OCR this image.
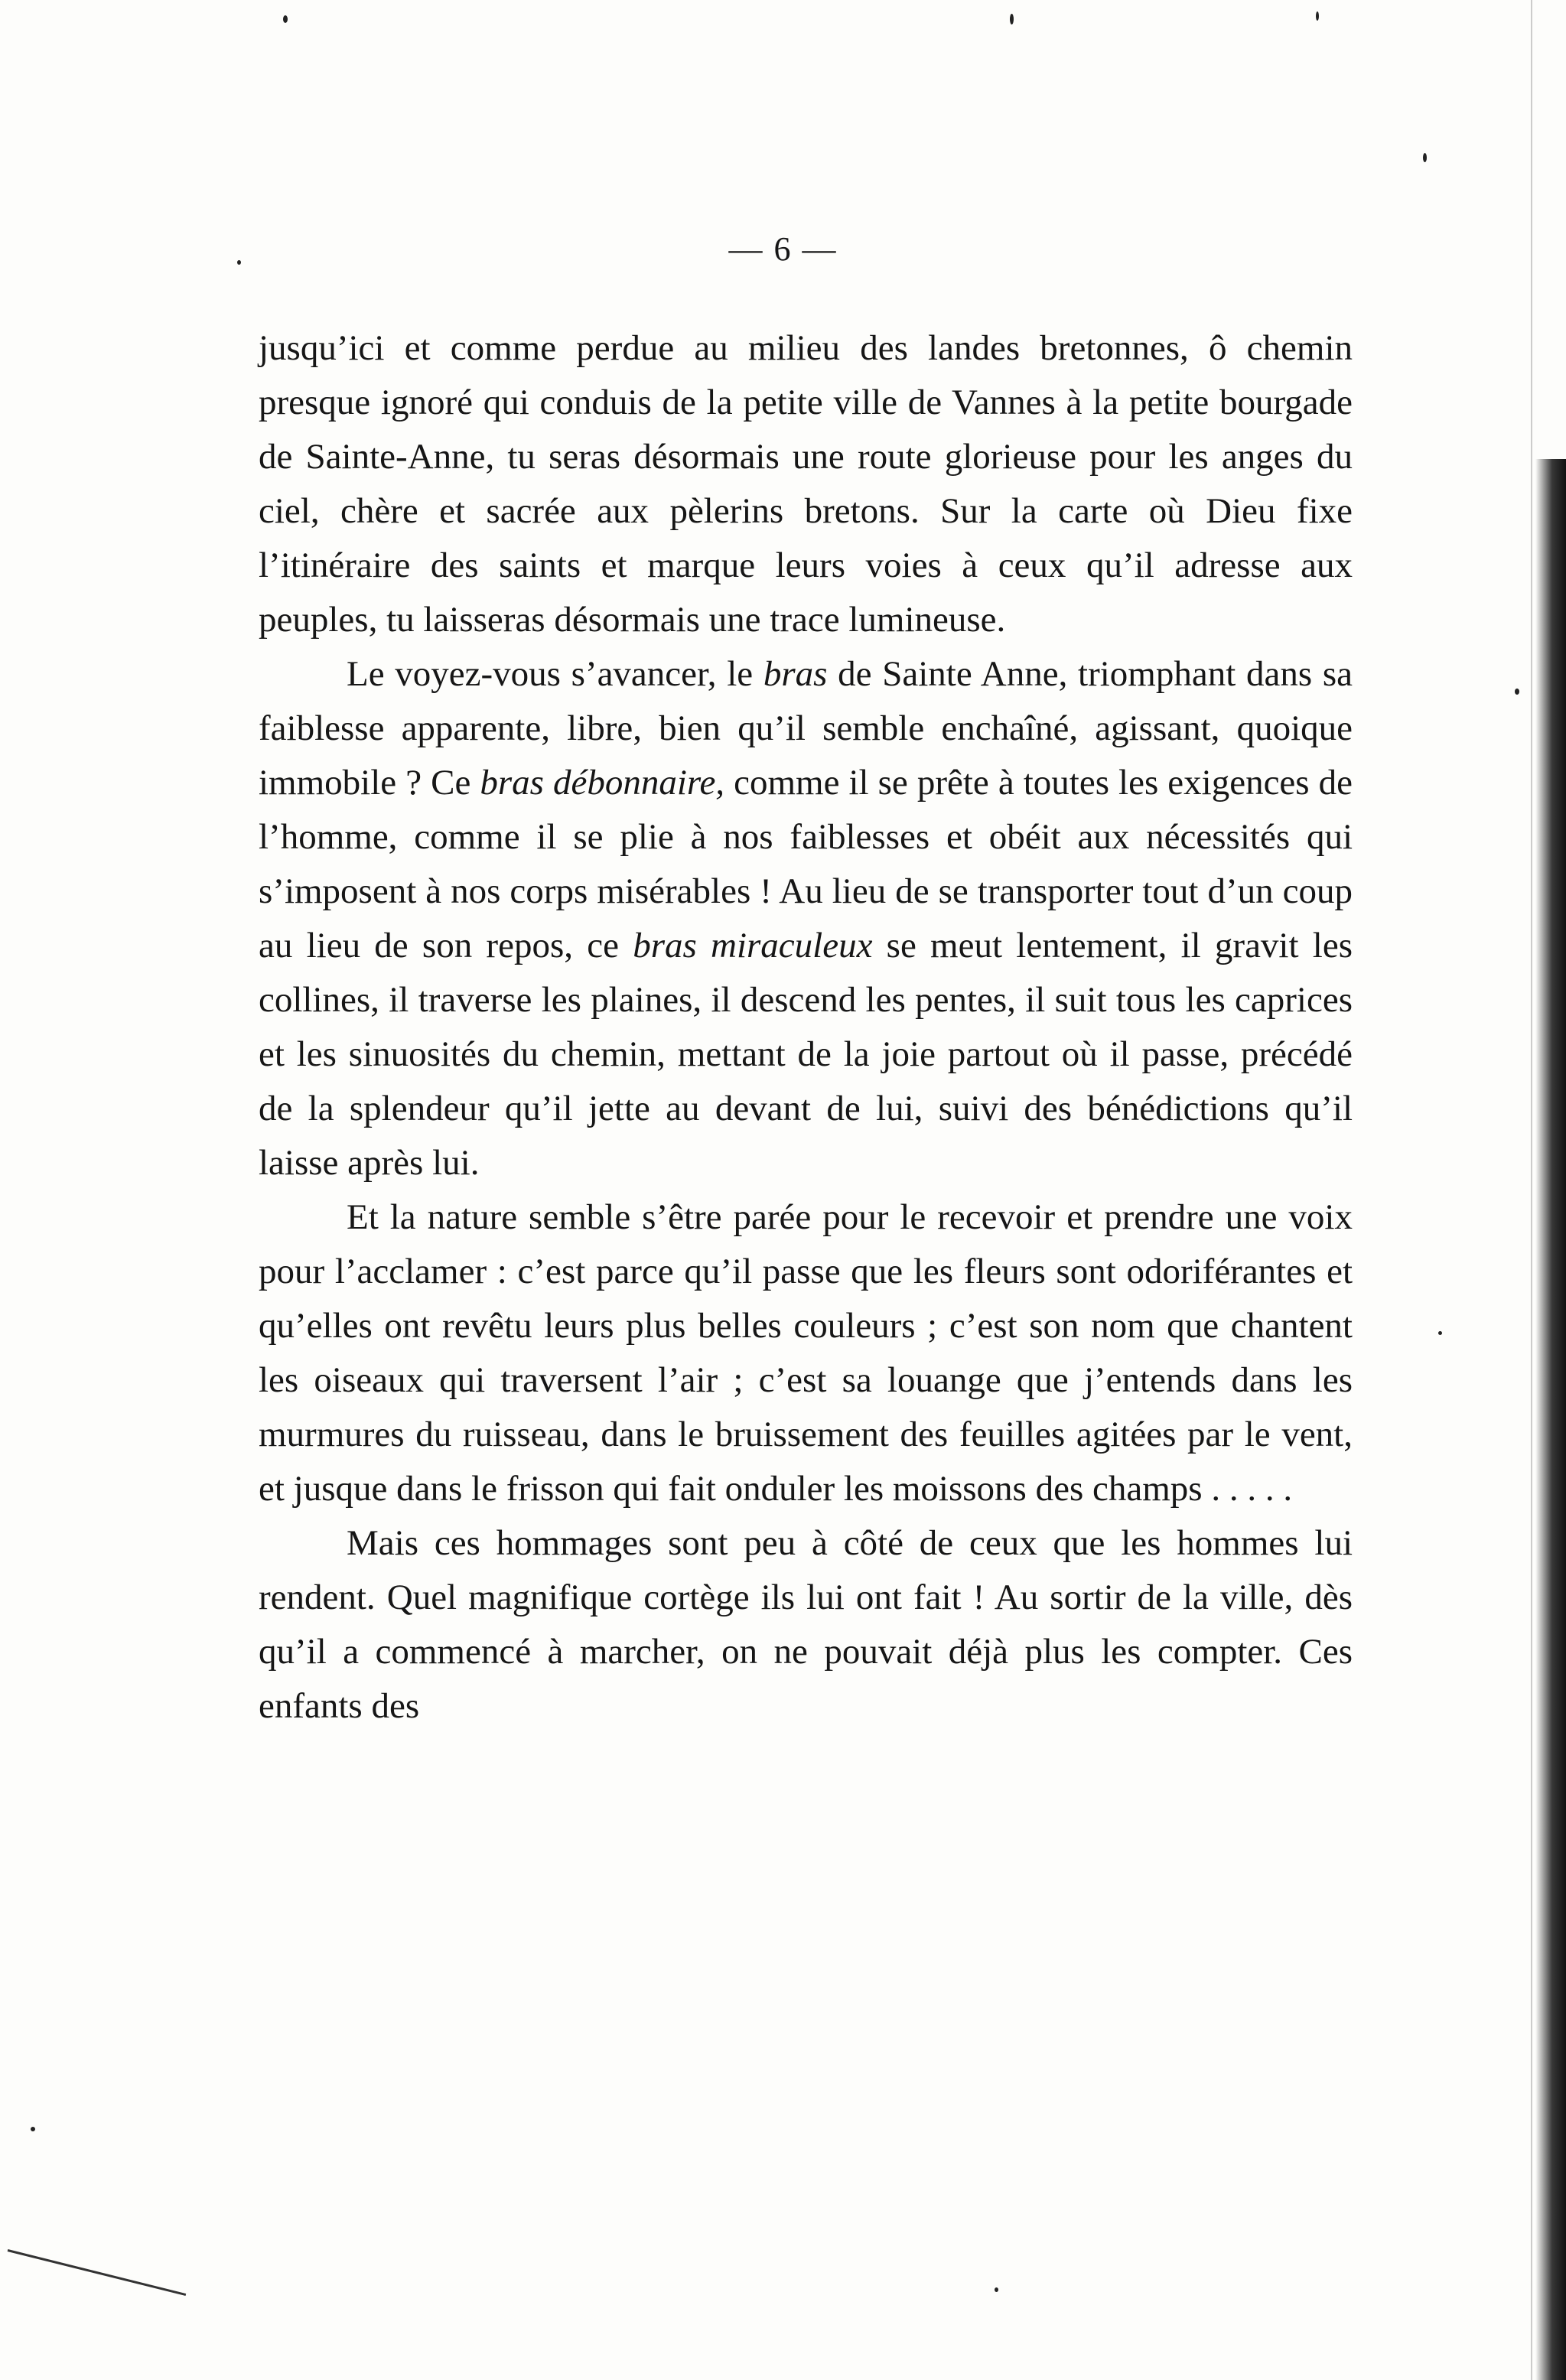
— 6 —

jusqu’ici et comme perdue au milieu des landes bretonnes, ô chemin presque ignoré qui conduis de la petite ville de Vannes à la petite bourgade de Sainte-Anne, tu seras désormais une route glorieuse pour les anges du ciel, chère et sacrée aux pèlerins bretons. Sur la carte où Dieu fixe l’itinéraire des saints et marque leurs voies à ceux qu’il adresse aux peuples, tu laisseras désormais une trace lumineuse.

Le voyez-vous s’avancer, le bras de Sainte Anne, triomphant dans sa faiblesse apparente, libre, bien qu’il semble enchaîné, agissant, quoique immobile ? Ce bras débonnaire, comme il se prête à toutes les exigences de l’homme, comme il se plie à nos faiblesses et obéit aux nécessités qui s’imposent à nos corps misérables ! Au lieu de se transporter tout d’un coup au lieu de son repos, ce bras miraculeux se meut lentement, il gravit les collines, il traverse les plaines, il descend les pentes, il suit tous les caprices et les sinuosités du chemin, mettant de la joie partout où il passe, précédé de la splendeur qu’il jette au devant de lui, suivi des bénédictions qu’il laisse après lui.

Et la nature semble s’être parée pour le recevoir et prendre une voix pour l’acclamer : c’est parce qu’il passe que les fleurs sont odoriférantes et qu’elles ont revêtu leurs plus belles couleurs ; c’est son nom que chantent les oiseaux qui traversent l’air ; c’est sa louange que j’entends dans les murmures du ruisseau, dans le bruissement des feuilles agitées par le vent, et jusque dans le frisson qui fait onduler les moissons des champs . . . . .

Mais ces hommages sont peu à côté de ceux que les hommes lui rendent. Quel magnifique cortège ils lui ont fait ! Au sortir de la ville, dès qu’il a commencé à marcher, on ne pouvait déjà plus les compter. Ces enfants des
